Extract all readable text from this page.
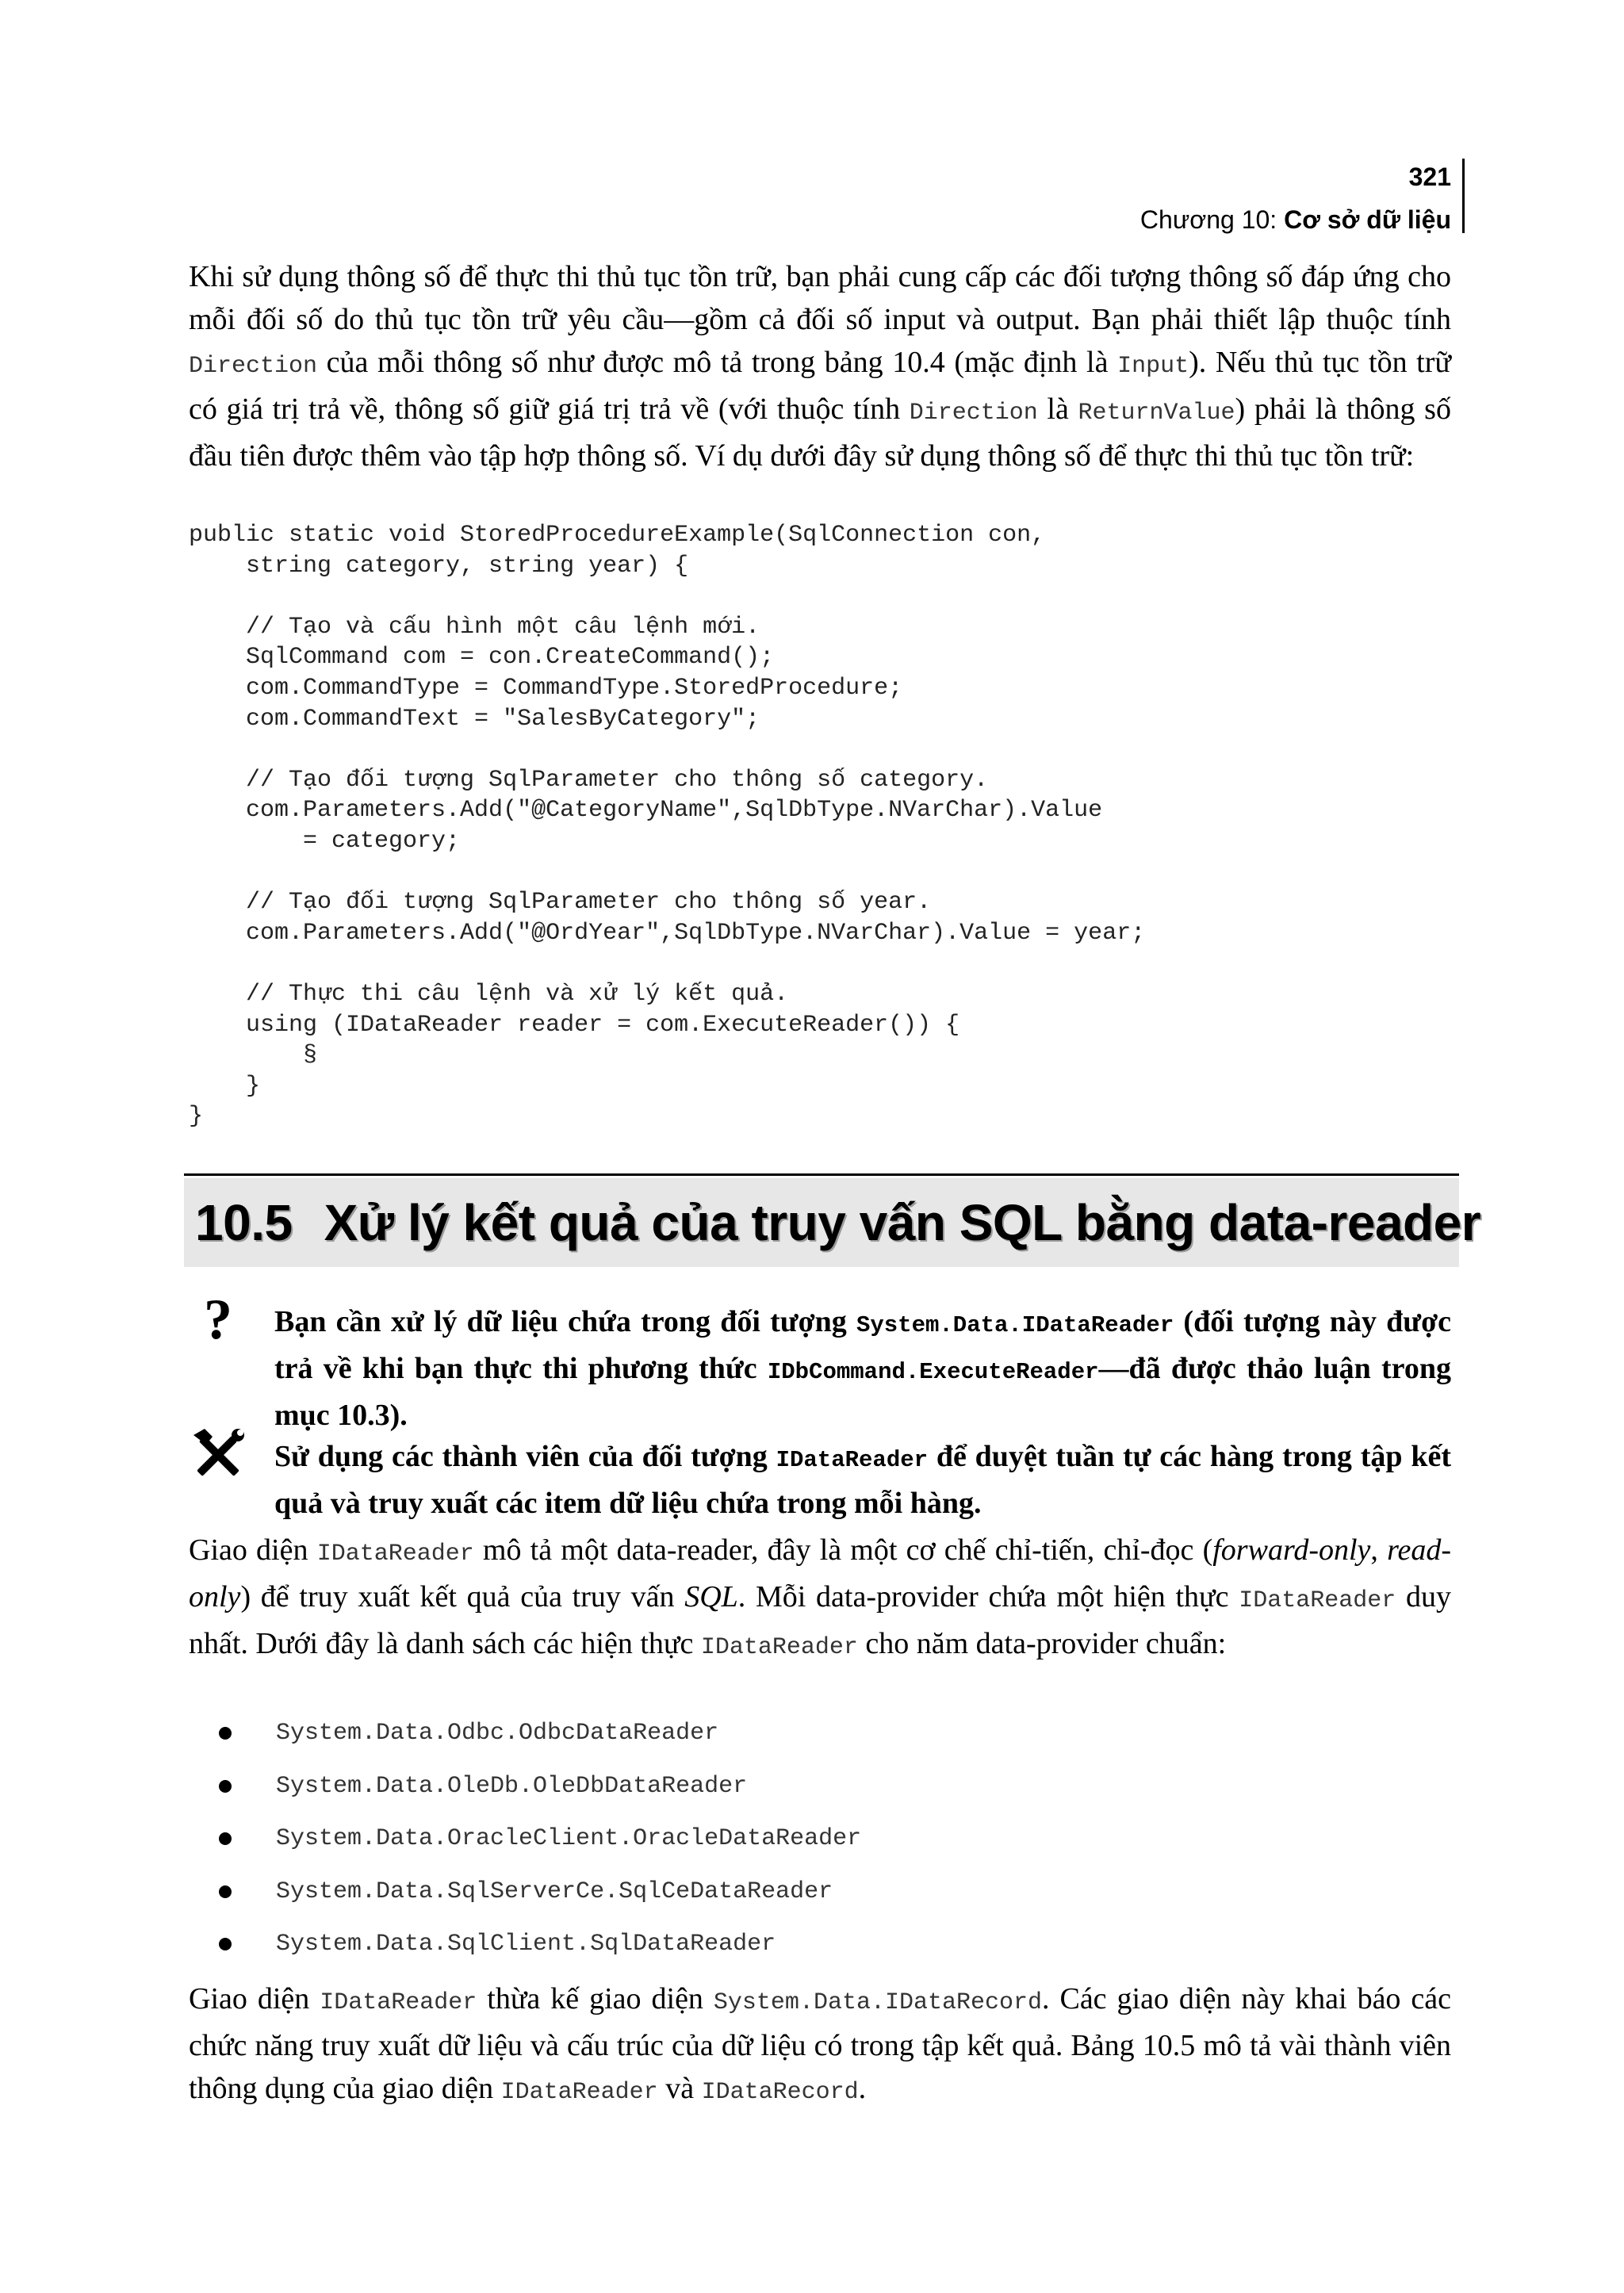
321
Chương 10: Cơ sở dữ liệu

Khi sử dụng thông số để thực thi thủ tục tồn trữ, bạn phải cung cấp các đối tượng thông số đáp ứng cho mỗi đối số do thủ tục tồn trữ yêu cầu—gồm cả đối số input và output. Bạn phải thiết lập thuộc tính Direction của mỗi thông số như được mô tả trong bảng 10.4 (mặc định là Input). Nếu thủ tục tồn trữ có giá trị trả về, thông số giữ giá trị trả về (với thuộc tính Direction là ReturnValue) phải là thông số đầu tiên được thêm vào tập hợp thông số. Ví dụ dưới đây sử dụng thông số để thực thi thủ tục tồn trữ:

public static void StoredProcedureExample(SqlConnection con,
string category, string year) {

// Tạo và cấu hình một câu lệnh mới.
SqlCommand com = con.CreateCommand();
com.CommandType = CommandType.StoredProcedure;
com.CommandText = "SalesByCategory";

// Tạo đối tượng SqlParameter cho thông số category.
com.Parameters.Add("@CategoryName",SqlDbType.NVarChar).Value
= category;

// Tạo đối tượng SqlParameter cho thông số year.
com.Parameters.Add("@OrdYear",SqlDbType.NVarChar).Value = year;

// Thực thi câu lệnh và xử lý kết quả.
using (IDataReader reader = com.ExecuteReader()) {
§
}
}
10.5 Xử lý kết quả của truy vấn SQL bằng data-reader
? Bạn cần xử lý dữ liệu chứa trong đối tượng System.Data.IDataReader (đối tượng này được trả về khi bạn thực thi phương thức IDbCommand.ExecuteReader—đã được thảo luận trong mục 10.3).

Sử dụng các thành viên của đối tượng IDataReader để duyệt tuần tự các hàng trong tập kết quả và truy xuất các item dữ liệu chứa trong mỗi hàng.

Giao diện IDataReader mô tả một data-reader, đây là một cơ chế chỉ-tiến, chỉ-đọc (forward-only, read-only) để truy xuất kết quả của truy vấn SQL. Mỗi data-provider chứa một hiện thực IDataReader duy nhất. Dưới đây là danh sách các hiện thực IDataReader cho năm data-provider chuẩn:

System.Data.Odbc.OdbcDataReader
System.Data.OleDb.OleDbDataReader
System.Data.OracleClient.OracleDataReader
System.Data.SqlServerCe.SqlCeDataReader
System.Data.SqlClient.SqlDataReader

Giao diện IDataReader thừa kế giao diện System.Data.IDataRecord. Các giao diện này khai báo các chức năng truy xuất dữ liệu và cấu trúc của dữ liệu có trong tập kết quả. Bảng 10.5 mô tả vài thành viên thông dụng của giao diện IDataReader và IDataRecord.
